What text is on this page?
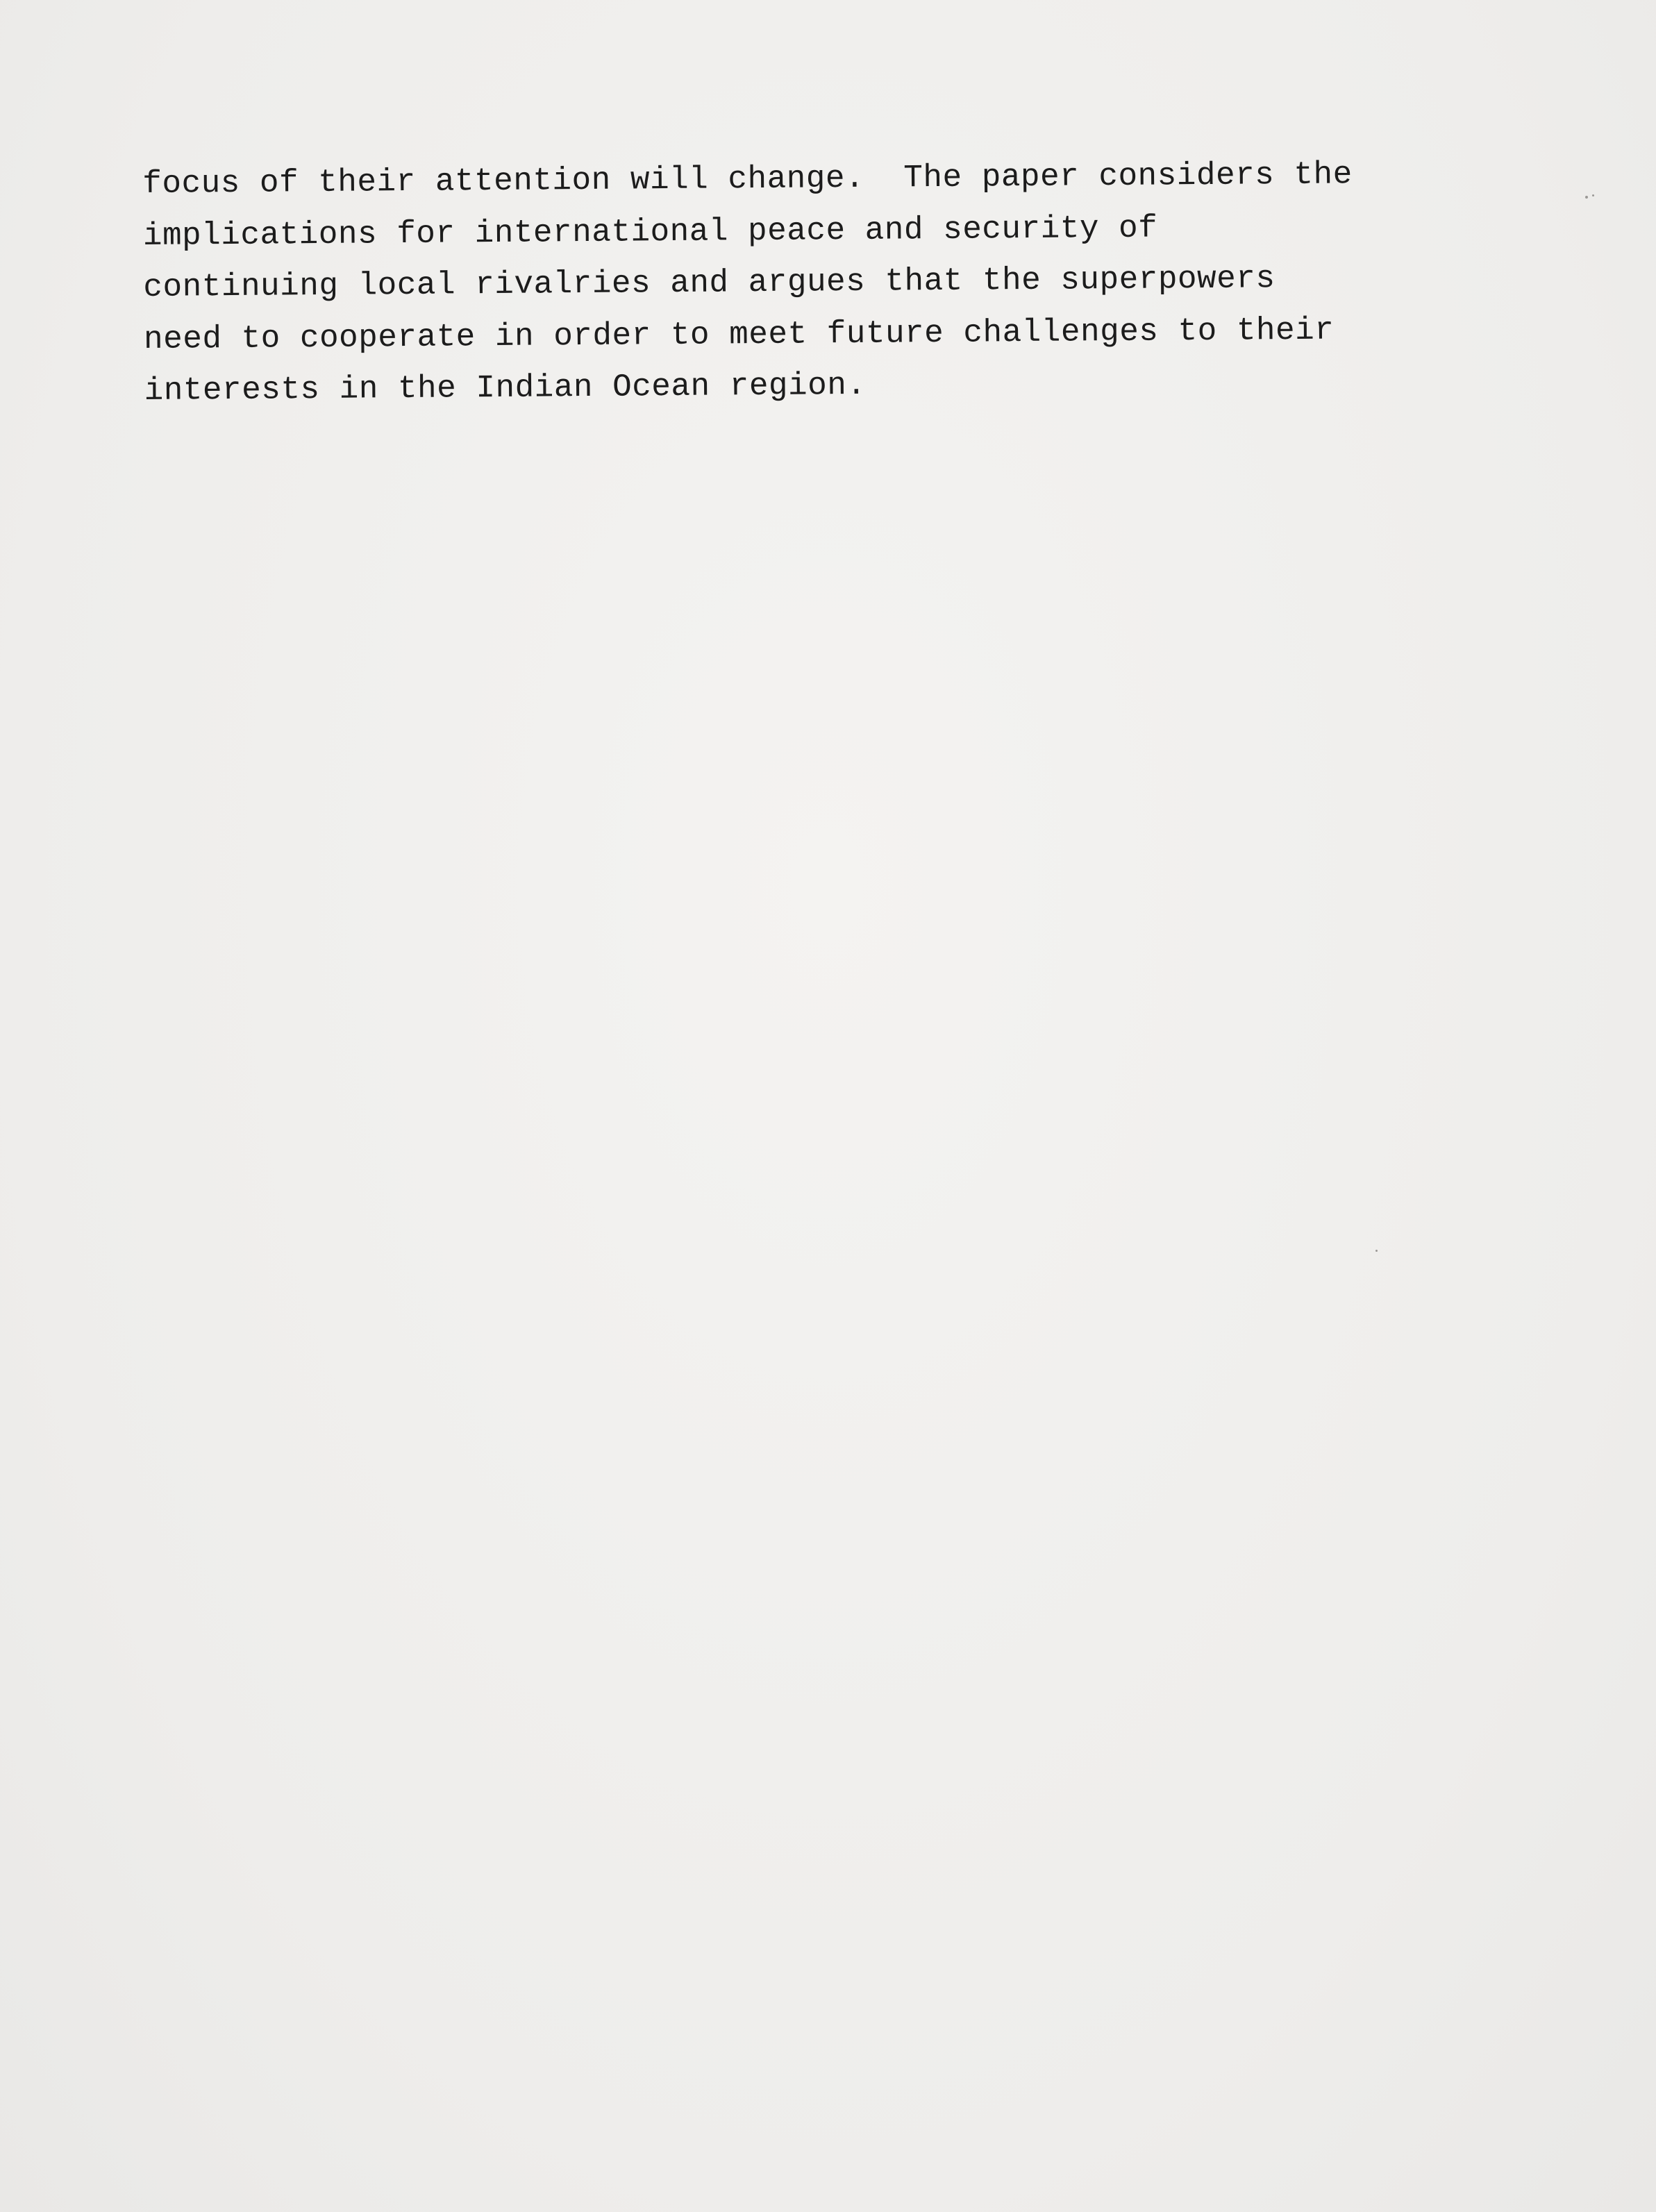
focus of their attention will change.  The paper considers the

implications for international peace and security of

continuing local rivalries and argues that the superpowers

need to cooperate in order to meet future challenges to their

interests in the Indian Ocean region.
